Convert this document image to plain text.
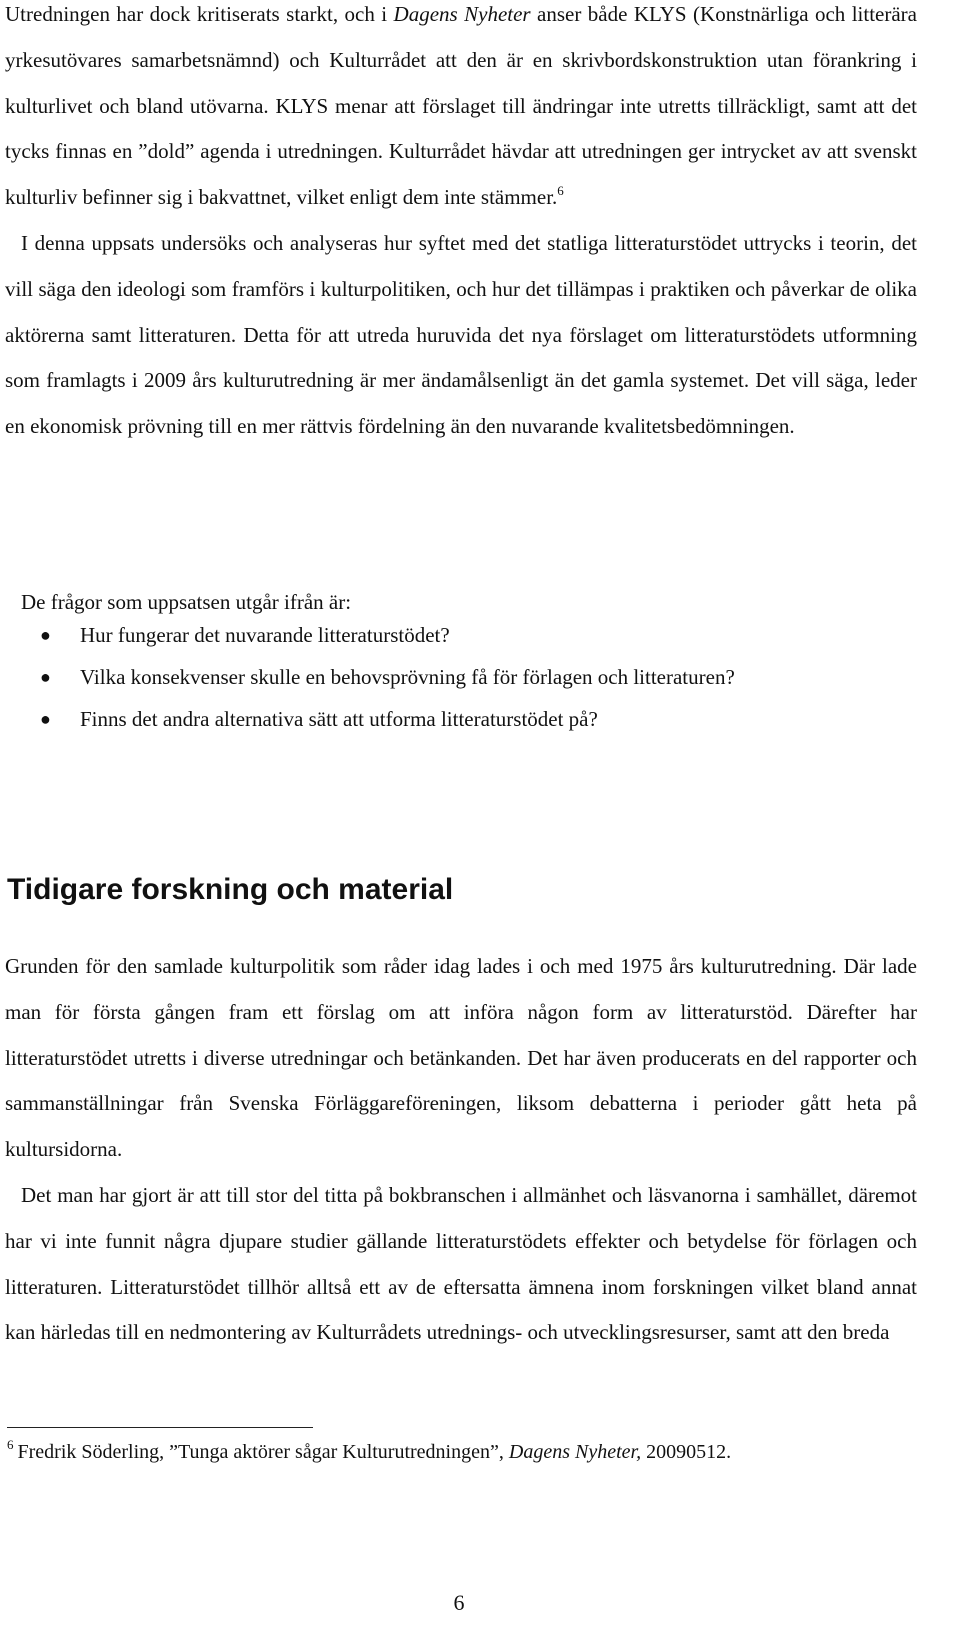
Utredningen har dock kritiserats starkt, och i Dagens Nyheter anser både KLYS (Konstnärliga och litterära yrkesutövares samarbetsnämnd) och Kulturrådet att den är en skrivbordskonstruktion utan förankring i kulturlivet och bland utövarna. KLYS menar att förslaget till ändringar inte utretts tillräckligt, samt att det tycks finnas en ”dold” agenda i utredningen. Kulturrådet hävdar att utredningen ger intrycket av att svenskt kulturliv befinner sig i bakvattnet, vilket enligt dem inte stämmer.$^6$

I denna uppsats undersöks och analyseras hur syftet med det statliga litteraturstödet uttrycks i teorin, det vill säga den ideologi som framförs i kulturpolitiken, och hur det tillämpas i praktiken och påverkar de olika aktörerna samt litteraturen. Detta för att utreda huruvida det nya förslaget om litteraturstödets utformning som framlagts i 2009 års kulturutredning är mer ändamålsenligt än det gamla systemet. Det vill säga, leder en ekonomisk prövning till en mer rättvis fördelning än den nuvarande kvalitetsbedömningen.

De frågor som uppsatsen utgår ifrån är:

● Hur fungerar det nuvarande litteraturstödet?
● Vilka konsekvenser skulle en behovsprövning få för förlagen och litteraturen?
● Finns det andra alternativa sätt att utforma litteraturstödet på?
Tidigare forskning och material

Grunden för den samlade kulturpolitik som råder idag lades i och med 1975 års kulturutredning. Där lade man för första gången fram ett förslag om att införa någon form av litteraturstöd. Därefter har litteraturstödet utretts i diverse utredningar och betänkanden. Det har även producerats en del rapporter och sammanställningar från Svenska Förläggareföreningen, liksom debatterna i perioder gått heta på kultursidorna.

Det man har gjort är att till stor del titta på bokbranschen i allmänhet och läsvanorna i samhället, däremot har vi inte funnit några djupare studier gällande litteraturstödets effekter och betydelse för förlagen och litteraturen. Litteraturstödet tillhör alltså ett av de eftersatta ämnena inom forskningen vilket bland annat kan härledas till en nedmontering av Kulturrådets utrednings- och utvecklingsresurser, samt att den breda

$^6$ Fredrik Söderling, ”Tunga aktörer sågar Kulturutredningen”, Dagens Nyheter, 20090512.

6
